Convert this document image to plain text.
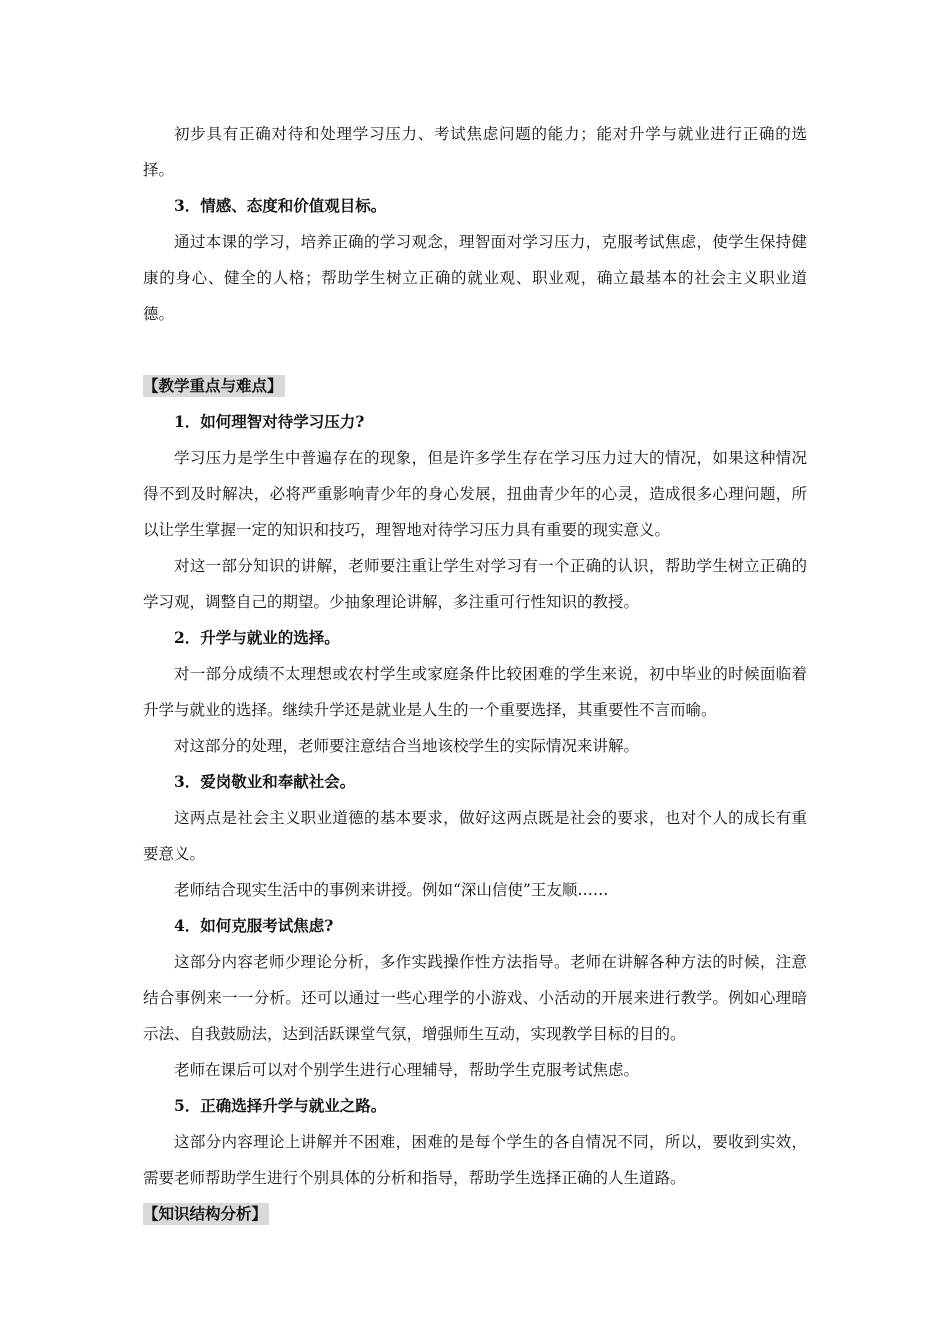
初步具有正确对待和处理学习压力、考试焦虑问题的能力；能对升学与就业进行正确的选择。

3．情感、态度和价值观目标。

通过本课的学习，培养正确的学习观念，理智面对学习压力，克服考试焦虑，使学生保持健康的身心、健全的人格；帮助学生树立正确的就业观、职业观，确立最基本的社会主义职业道德。

【教学重点与难点】

1．如何理智对待学习压力?

学习压力是学生中普遍存在的现象，但是许多学生存在学习压力过大的情况，如果这种情况得不到及时解决，必将严重影响青少年的身心发展，扭曲青少年的心灵，造成很多心理问题，所以让学生掌握一定的知识和技巧，理智地对待学习压力具有重要的现实意义。

对这一部分知识的讲解，老师要注重让学生对学习有一个正确的认识，帮助学生树立正确的学习观，调整自己的期望。少抽象理论讲解，多注重可行性知识的教授。

2．升学与就业的选择。

对一部分成绩不太理想或农村学生或家庭条件比较困难的学生来说，初中毕业的时候面临着升学与就业的选择。继续升学还是就业是人生的一个重要选择，其重要性不言而喻。

对这部分的处理，老师要注意结合当地该校学生的实际情况来讲解。

3．爱岗敬业和奉献社会。

这两点是社会主义职业道德的基本要求，做好这两点既是社会的要求，也对个人的成长有重要意义。

老师结合现实生活中的事例来讲授。例如“深山信使”王友顺……

4．如何克服考试焦虑?

这部分内容老师少理论分析，多作实践操作性方法指导。老师在讲解各种方法的时候，注意结合事例来一一分析。还可以通过一些心理学的小游戏、小活动的开展来进行教学。例如心理暗示法、自我鼓励法，达到活跃课堂气氛，增强师生互动，实现教学目标的目的。

老师在课后可以对个别学生进行心理辅导，帮助学生克服考试焦虑。

5．正确选择升学与就业之路。

这部分内容理论上讲解并不困难，困难的是每个学生的各自情况不同，所以，要收到实效，需要老师帮助学生进行个别具体的分析和指导，帮助学生选择正确的人生道路。

【知识结构分析】
